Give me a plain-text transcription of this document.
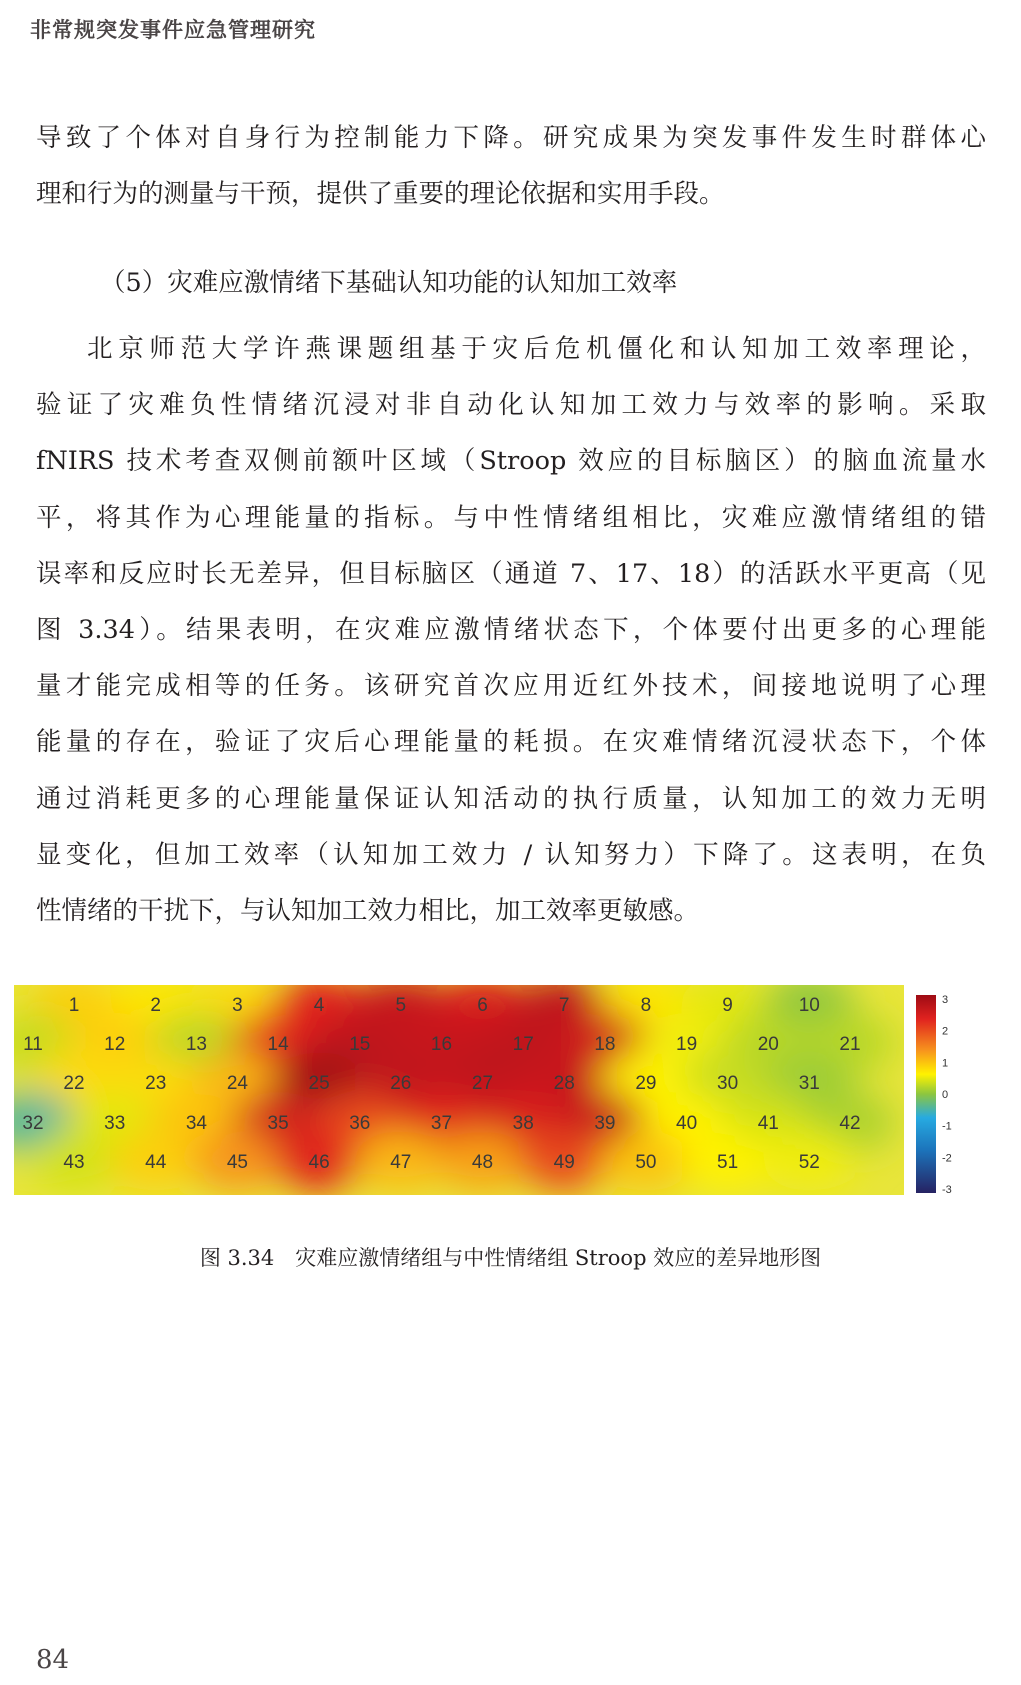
非常规突发事件应急管理研究
导致了个体对自身行为控制能力下降。研究成果为突发事件发生时群体心
理和行为的测量与干预，提供了重要的理论依据和实用手段。

（5）灾难应激情绪下基础认知功能的认知加工效率

北京师范大学许燕课题组基于灾后危机僵化和认知加工效率理论，
验证了灾难负性情绪沉浸对非自动化认知加工效力与效率的影响。采取
fNIRS 技术考查双侧前额叶区域（Stroop 效应的目标脑区）的脑血流量水
平，将其作为心理能量的指标。与中性情绪组相比，灾难应激情绪组的错
误率和反应时长无差异，但目标脑区（通道 7、17、18）的活跃水平更高（见
图 3.34）。结果表明，在灾难应激情绪状态下，个体要付出更多的心理能
量才能完成相等的任务。该研究首次应用近红外技术，间接地说明了心理
能量的存在，验证了灾后心理能量的耗损。在灾难情绪沉浸状态下，个体
通过消耗更多的心理能量保证认知活动的执行质量，认知加工的效力无明
显变化，但加工效率（认知加工效力 / 认知努力）下降了。这表明，在负
性情绪的干扰下，与认知加工效力相比，加工效率更敏感。
1	2	3	4	5	6	7	8	9	10
11	12	13	14	15	16	17	18	19	20	21
22	23	24	25	26	27	28	29	30	31
32	33	34	35	36	37	38	39	40	41	42
43	44	45	46	47	48	49	50	51	52
3
2
1
0
-1
-2
-3
图 3.34　灾难应激情绪组与中性情绪组 Stroop 效应的差异地形图
84
